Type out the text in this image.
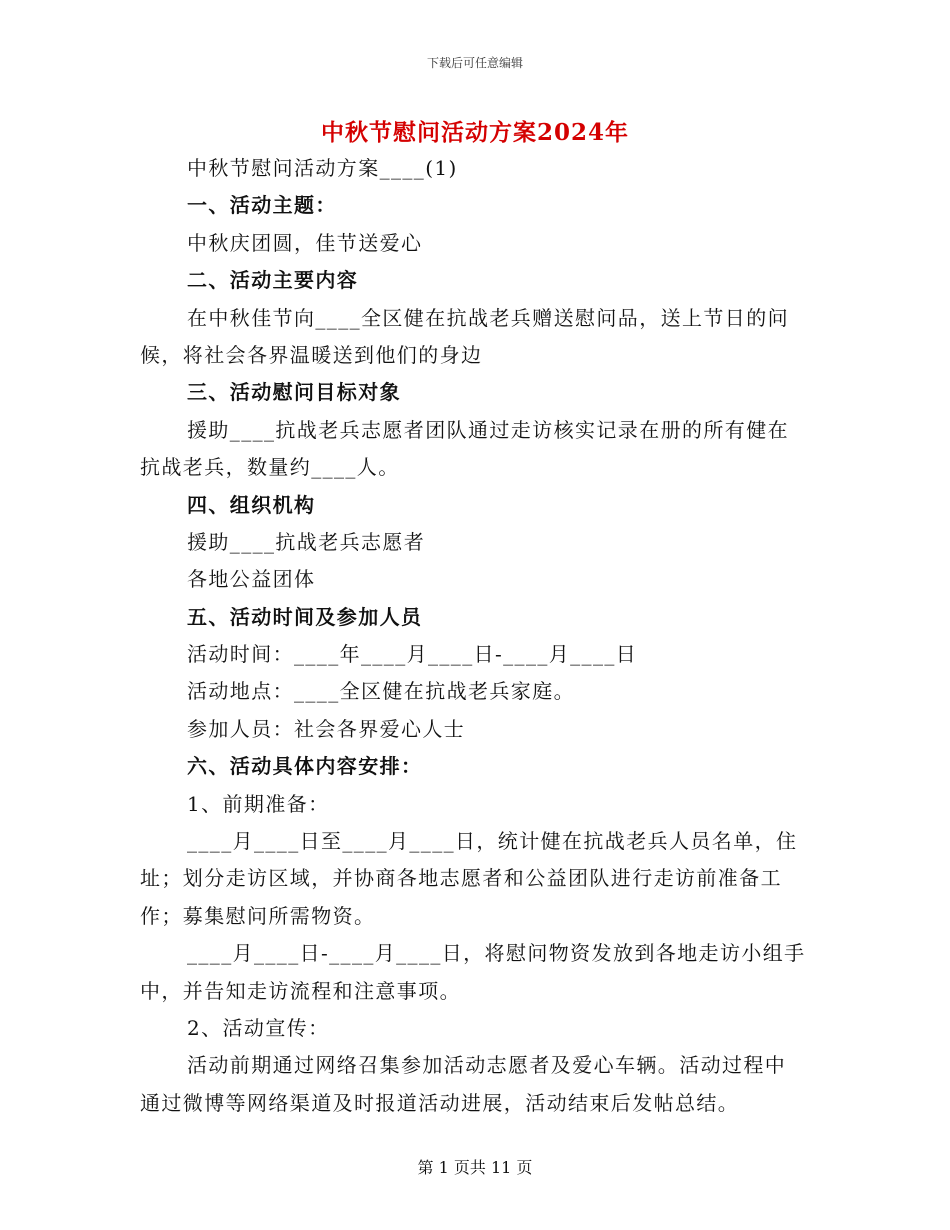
下载后可任意编辑
中秋节慰问活动方案2024年
中秋节慰问活动方案____(1)
一、活动主题：
中秋庆团圆，佳节送爱心
二、活动主要内容
在中秋佳节向____全区健在抗战老兵赠送慰问品，送上节日的问
候，将社会各界温暖送到他们的身边
三、活动慰问目标对象
援助____抗战老兵志愿者团队通过走访核实记录在册的所有健在
抗战老兵，数量约____人。
四、组织机构
援助____抗战老兵志愿者
各地公益团体
五、活动时间及参加人员
活动时间：____年____月____日-____月____日
活动地点：____全区健在抗战老兵家庭。
参加人员：社会各界爱心人士
六、活动具体内容安排：
1、前期准备：
____月____日至____月____日，统计健在抗战老兵人员名单，住
址；划分走访区域，并协商各地志愿者和公益团队进行走访前准备工
作；募集慰问所需物资。
____月____日-____月____日，将慰问物资发放到各地走访小组手
中，并告知走访流程和注意事项。
2、活动宣传：
活动前期通过网络召集参加活动志愿者及爱心车辆。活动过程中
通过微博等网络渠道及时报道活动进展，活动结束后发帖总结。
第 1 页共 11 页
